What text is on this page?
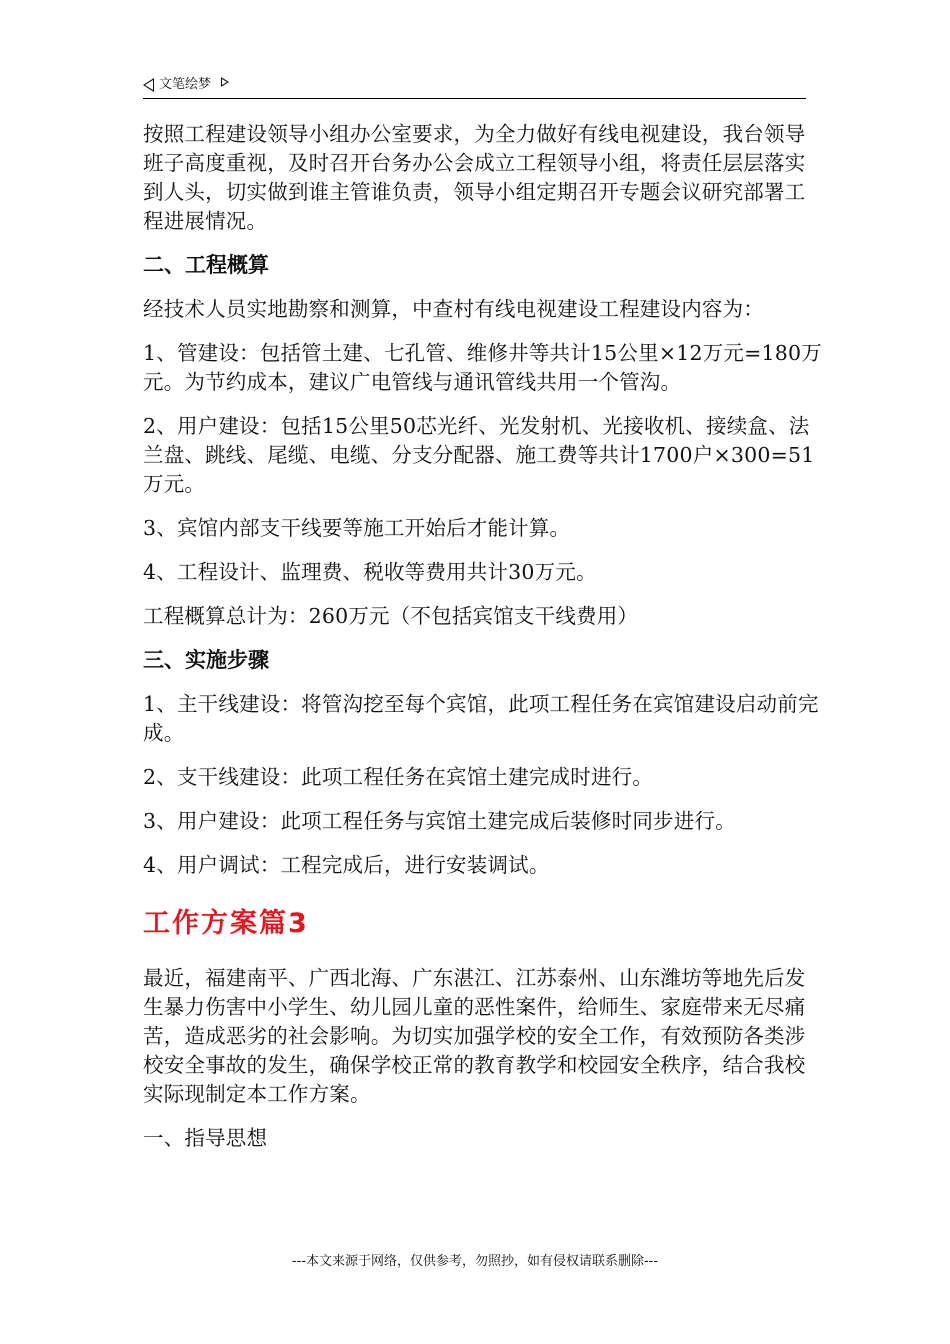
文笔绘梦

按照工程建设领导小组办公室要求，为全力做好有线电视建设，我台领导班子高度重视，及时召开台务办公会成立工程领导小组，将责任层层落实到人头，切实做到谁主管谁负责，领导小组定期召开专题会议研究部署工程进展情况。

二、工程概算

经技术人员实地勘察和测算，中查村有线电视建设工程建设内容为：

1、管建设：包括管土建、七孔管、维修井等共计15公里×12万元=180万元。为节约成本，建议广电管线与通讯管线共用一个管沟。

2、用户建设：包括15公里50芯光纤、光发射机、光接收机、接续盒、法兰盘、跳线、尾缆、电缆、分支分配器、施工费等共计1700户×300=51万元。

3、宾馆内部支干线要等施工开始后才能计算。

4、工程设计、监理费、税收等费用共计30万元。

工程概算总计为：260万元（不包括宾馆支干线费用）

三、实施步骤

1、主干线建设：将管沟挖至每个宾馆，此项工程任务在宾馆建设启动前完成。

2、支干线建设：此项工程任务在宾馆土建完成时进行。

3、用户建设：此项工程任务与宾馆土建完成后装修时同步进行。

4、用户调试：工程完成后，进行安装调试。

工作方案篇3

最近，福建南平、广西北海、广东湛江、江苏泰州、山东潍坊等地先后发生暴力伤害中小学生、幼儿园儿童的恶性案件，给师生、家庭带来无尽痛苦，造成恶劣的社会影响。为切实加强学校的安全工作，有效预防各类涉校安全事故的发生，确保学校正常的教育教学和校园安全秩序，结合我校实际现制定本工作方案。

一、指导思想

---本文来源于网络，仅供参考，勿照抄，如有侵权请联系删除---
